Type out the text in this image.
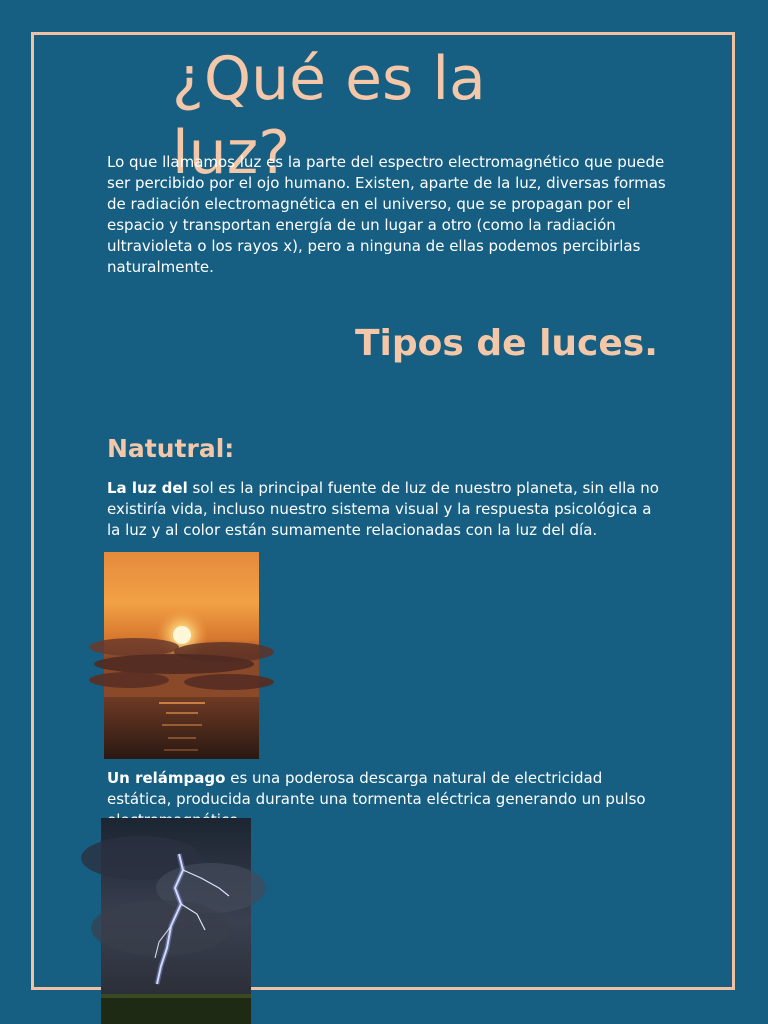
¿Qué es la luz?

Lo que llamamos luz es la parte del espectro electromagnético que puede ser percibido por el ojo humano. Existen, aparte de la luz, diversas formas de radiación electromagnética en el universo, que se propagan por el espacio y transportan energía de un lugar a otro (como la radiación ultravioleta o los rayos x), pero a ninguna de ellas podemos percibirlas naturalmente.

Tipos de luces.
Natutral:

La luz del sol es la principal fuente de luz de nuestro planeta, sin ella no existiría vida, incluso nuestro sistema visual y la respuesta psicológica a la luz y al color están sumamente relacionadas con la luz del día.

Un relámpago es una poderosa descarga natural de electricidad estática, producida durante una tormenta eléctrica generando un pulso
